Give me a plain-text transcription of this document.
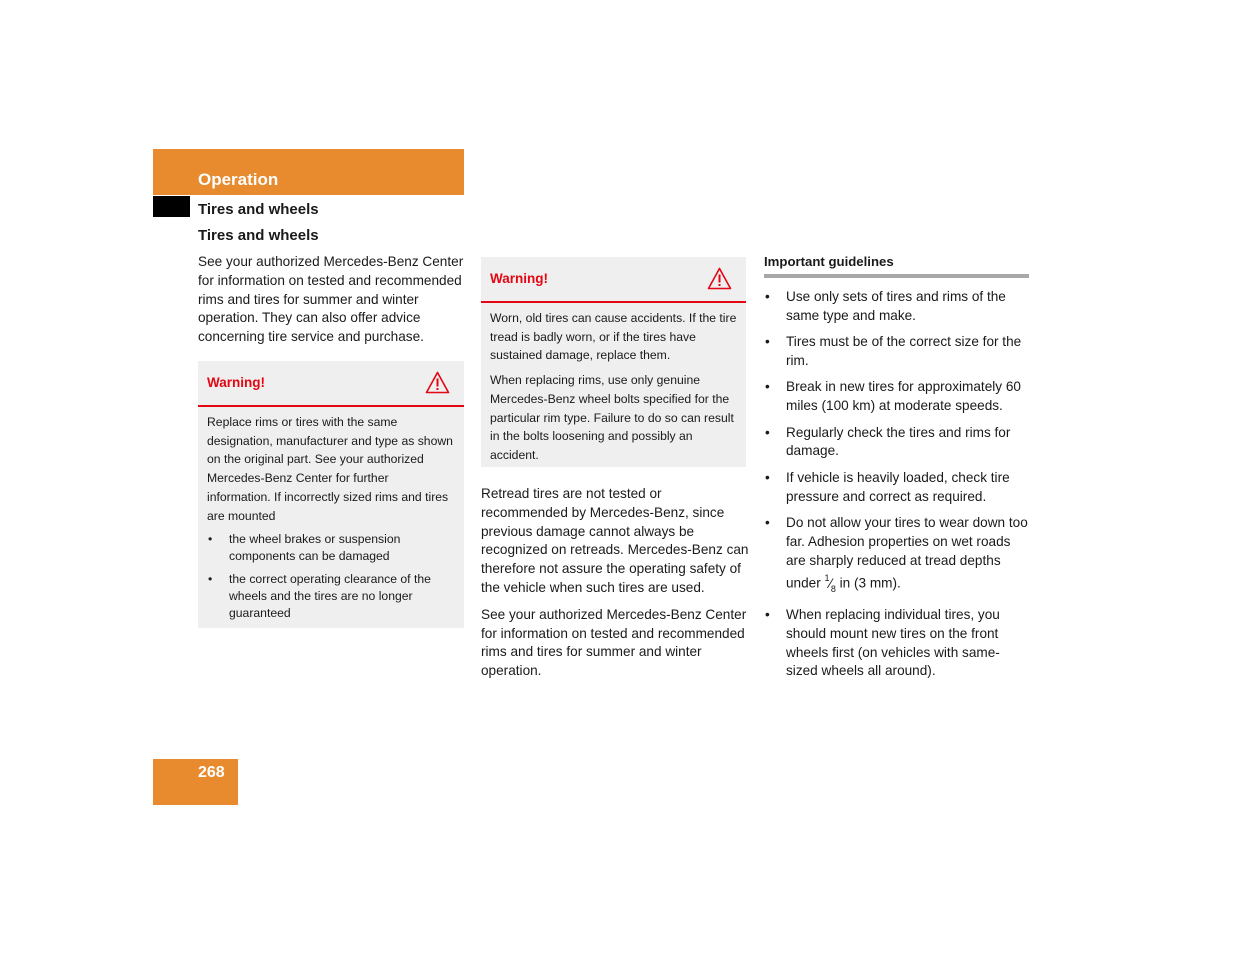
Operation
Tires and wheels
Tires and wheels

See your authorized Mercedes-Benz Center for information on tested and recommended rims and tires for summer and winter operation. They can also offer advice concerning tire service and purchase.

Warning!

Replace rims or tires with the same designation, manufacturer and type as shown on the original part. See your authorized Mercedes-Benz Center for further information. If incorrectly sized rims and tires are mounted

• the wheel brakes or suspension components can be damaged
• the correct operating clearance of the wheels and the tires are no longer guaranteed
Warning!

Worn, old tires can cause accidents. If the tire tread is badly worn, or if the tires have sustained damage, replace them.

When replacing rims, use only genuine Mercedes-Benz wheel bolts specified for the particular rim type. Failure to do so can result in the bolts loosening and possibly an accident.

Retread tires are not tested or recommended by Mercedes-Benz, since previous damage cannot always be recognized on retreads. Mercedes-Benz can therefore not assure the operating safety of the vehicle when such tires are used.

See your authorized Mercedes-Benz Center for information on tested and recommended rims and tires for summer and winter operation.

Important guidelines
• Use only sets of tires and rims of the same type and make.
• Tires must be of the correct size for the rim.
• Break in new tires for approximately 60 miles (100 km) at moderate speeds.
• Regularly check the tires and rims for damage.
• If vehicle is heavily loaded, check tire pressure and correct as required.
• Do not allow your tires to wear down too far. Adhesion properties on wet roads are sharply reduced at tread depths under $^1⁄_8$ in (3 mm).
• When replacing individual tires, you should mount new tires on the front wheels first (on vehicles with same-sized wheels all around).
268
